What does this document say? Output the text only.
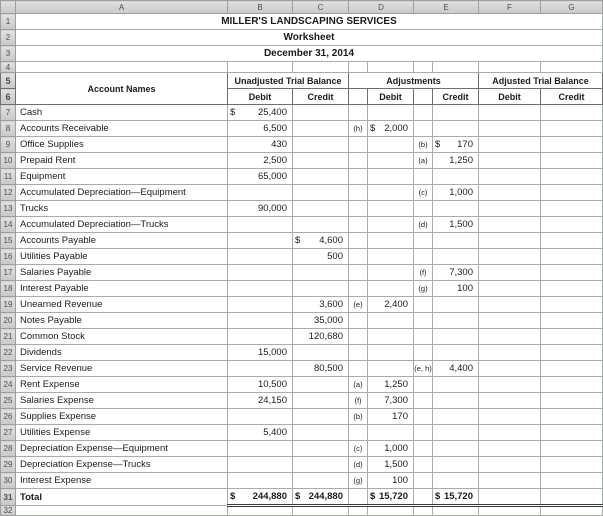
	A	B	C	D		E		F	G
1	MILLER'S LANDSCAPING SERVICES								
2	Worksheet								
3	December 31, 2014								
4									
5	Account Names	Unadjusted Trial Balance		Adjustments				Adjusted Trial Balance	
6		Debit	Credit		Debit		Credit	Debit	Credit
7	Cash	$ 25,400							
8	Accounts Receivable	6,500		(h)	$ 2,000				
9	Office Supplies	430				(b)	$ 170		
10	Prepaid Rent	2,500				(a)	1,250		
11	Equipment	65,000							
12	Accumulated Depreciation—Equipment					(c)	1,000		
13	Trucks	90,000							
14	Accumulated Depreciation—Trucks					(d)	1,500		
15	Accounts Payable		$ 4,600						
16	Utilities Payable		500						
17	Salaries Payable					(f)	7,300		
18	Interest Payable					(g)	100		
19	Unearned Revenue		3,600	(e)	2,400				
20	Notes Payable		35,000						
21	Common Stock		120,680						
22	Dividends	15,000							
23	Service Revenue		80,500			(e, h)	4,400		
24	Rent Expense	10,500		(a)	1,250				
25	Salaries Expense	24,150		(f)	7,300				
26	Supplies Expense			(b)	170				
27	Utilities Expense	5,400							
28	Depreciation Expense—Equipment			(c)	1,000				
29	Depreciation Expense—Trucks			(d)	1,500				
30	Interest Expense			(g)	100				
31	Total	$ 244,880	$ 244,880		$ 15,720		$ 15,720		
32									
